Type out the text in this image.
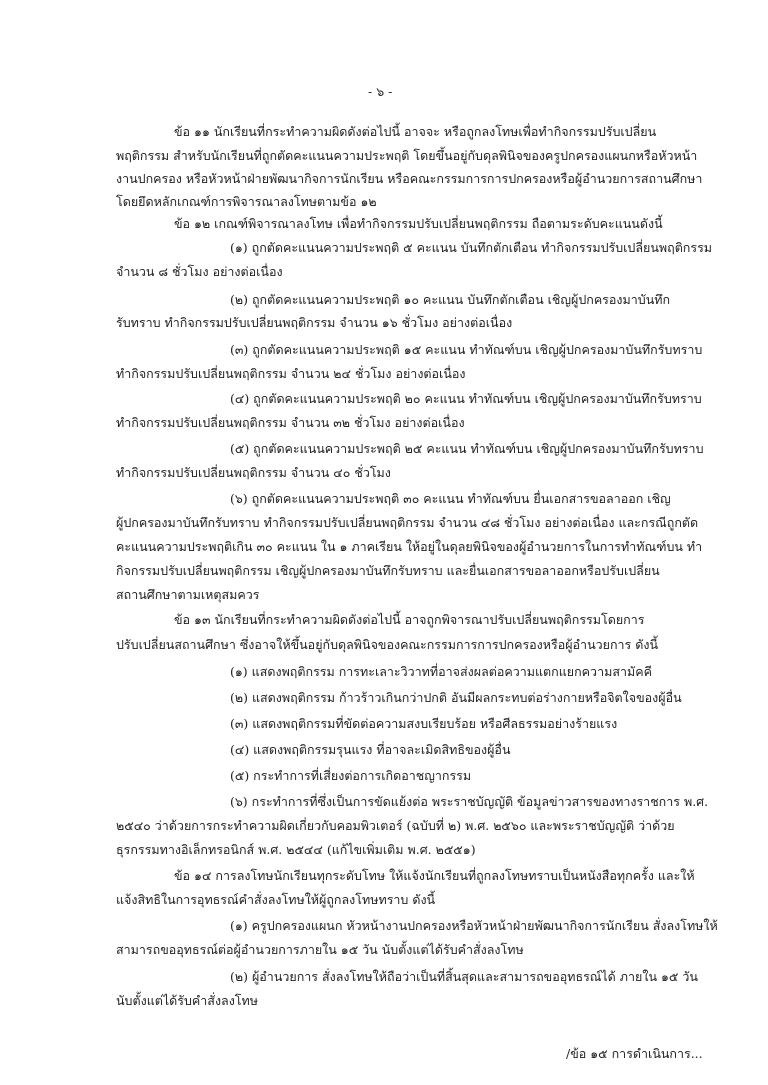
- ๖ -
ข้อ ๑๑ นักเรียนที่กระทำความผิดดังต่อไปนี้ อาจจะ หรือถูกลงโทษเพื่อทำกิจกรรมปรับเปลี่ยน
พฤติกรรม สำหรับนักเรียนที่ถูกตัดคะแนนความประพฤติ โดยขึ้นอยู่กับดุลพินิจของครูปกครองแผนกหรือหัวหน้า
งานปกครอง หรือหัวหน้าฝ่ายพัฒนากิจการนักเรียน หรือคณะกรรมการการปกครองหรือผู้อำนวยการสถานศึกษา
โดยยึดหลักเกณฑ์การพิจารณาลงโทษตามข้อ ๑๒
ข้อ ๑๒ เกณฑ์พิจารณาลงโทษ เพื่อทำกิจกรรมปรับเปลี่ยนพฤติกรรม ถือตามระดับคะแนนดังนี้
(๑) ถูกตัดคะแนนความประพฤติ ๕ คะแนน บันทึกตักเตือน ทำกิจกรรมปรับเปลี่ยนพฤติกรรม
จำนวน ๘ ชั่วโมง อย่างต่อเนื่อง
(๒) ถูกตัดคะแนนความประพฤติ ๑๐ คะแนน บันทึกตักเตือน เชิญผู้ปกครองมาบันทึก
รับทราบ ทำกิจกรรมปรับเปลี่ยนพฤติกรรม จำนวน ๑๖ ชั่วโมง อย่างต่อเนื่อง
(๓) ถูกตัดคะแนนความประพฤติ ๑๕ คะแนน ทำทัณฑ์บน เชิญผู้ปกครองมาบันทึกรับทราบ
ทำกิจกรรมปรับเปลี่ยนพฤติกรรม จำนวน ๒๔ ชั่วโมง อย่างต่อเนื่อง
(๔) ถูกตัดคะแนนความประพฤติ ๒๐ คะแนน ทำทัณฑ์บน เชิญผู้ปกครองมาบันทึกรับทราบ
ทำกิจกรรมปรับเปลี่ยนพฤติกรรม จำนวน ๓๒ ชั่วโมง อย่างต่อเนื่อง
(๕) ถูกตัดคะแนนความประพฤติ ๒๕ คะแนน ทำทัณฑ์บน เชิญผู้ปกครองมาบันทึกรับทราบ
ทำกิจกรรมปรับเปลี่ยนพฤติกรรม จำนวน ๔๐ ชั่วโมง
(๖) ถูกตัดคะแนนความประพฤติ ๓๐ คะแนน ทำทัณฑ์บน ยื่นเอกสารขอลาออก เชิญ
ผู้ปกครองมาบันทึกรับทราบ ทำกิจกรรมปรับเปลี่ยนพฤติกรรม จำนวน ๔๘ ชั่วโมง อย่างต่อเนื่อง และกรณีถูกตัด
คะแนนความประพฤติเกิน ๓๐ คะแนน ใน ๑ ภาคเรียน ให้อยู่ในดุลยพินิจของผู้อำนวยการในการทำทัณฑ์บน ทำ
กิจกรรมปรับเปลี่ยนพฤติกรรม เชิญผู้ปกครองมาบันทึกรับทราบ และยื่นเอกสารขอลาออกหรือปรับเปลี่ยน
สถานศึกษาตามเหตุสมควร
ข้อ ๑๓ นักเรียนที่กระทำความผิดดังต่อไปนี้ อาจถูกพิจารณาปรับเปลี่ยนพฤติกรรมโดยการ
ปรับเปลี่ยนสถานศึกษา ซึ่งอาจให้ขึ้นอยู่กับดุลพินิจของคณะกรรมการการปกครองหรือผู้อำนวยการ ดังนี้
(๑) แสดงพฤติกรรม การทะเลาะวิวาทที่อาจส่งผลต่อความแตกแยกความสามัคคี
(๒) แสดงพฤติกรรม ก้าวร้าวเกินกว่าปกติ อันมีผลกระทบต่อร่างกายหรือจิตใจของผู้อื่น
(๓) แสดงพฤติกรรมที่ขัดต่อความสงบเรียบร้อย หรือศีลธรรมอย่างร้ายแรง
(๔) แสดงพฤติกรรมรุนแรง ที่อาจละเมิดสิทธิของผู้อื่น
(๕) กระทำการที่เสี่ยงต่อการเกิดอาชญากรรม
(๖) กระทำการที่ซึ่งเป็นการขัดแย้งต่อ พระราชบัญญัติ ข้อมูลข่าวสารของทางราชการ พ.ศ.
๒๕๔๐ ว่าด้วยการกระทำความผิดเกี่ยวกับคอมพิวเตอร์ (ฉบับที่ ๒) พ.ศ. ๒๕๖๐ และพระราชบัญญัติ ว่าด้วย
ธุรกรรมทางอิเล็กทรอนิกส์ พ.ศ. ๒๕๔๔ (แก้ไขเพิ่มเติม พ.ศ. ๒๕๕๑)
ข้อ ๑๔ การลงโทษนักเรียนทุกระดับโทษ ให้แจ้งนักเรียนที่ถูกลงโทษทราบเป็นหนังสือทุกครั้ง และให้
แจ้งสิทธิในการอุทธรณ์คำสั่งลงโทษให้ผู้ถูกลงโทษทราบ ดังนี้
(๑) ครูปกครองแผนก หัวหน้างานปกครองหรือหัวหน้าฝ่ายพัฒนากิจการนักเรียน สั่งลงโทษให้
สามารถขออุทธรณ์ต่อผู้อำนวยการภายใน ๑๕ วัน นับตั้งแต่ได้รับคำสั่งลงโทษ
(๒) ผู้อำนวยการ สั่งลงโทษให้ถือว่าเป็นที่สิ้นสุดและสามารถขออุทธรณ์ได้ ภายใน ๑๕ วัน
นับตั้งแต่ได้รับคำสั่งลงโทษ
/ข้อ ๑๕ การดำเนินการ...
